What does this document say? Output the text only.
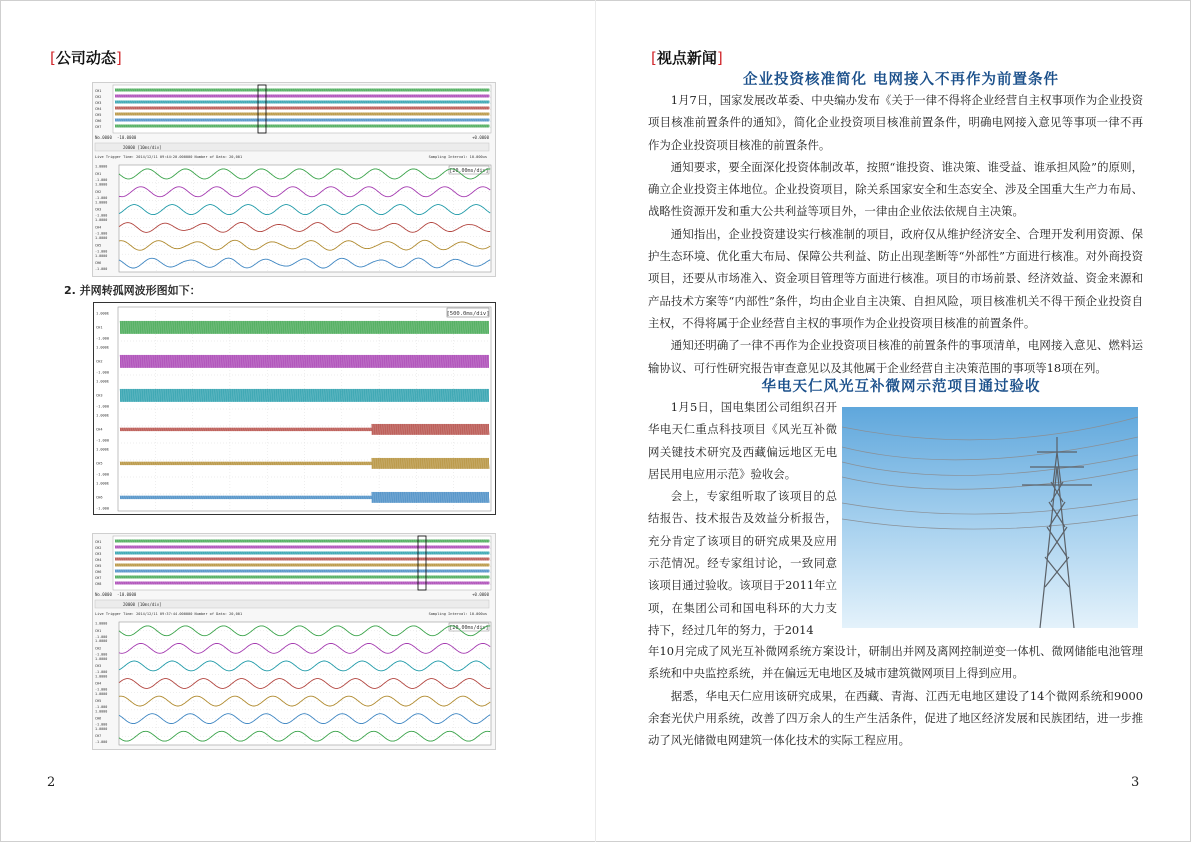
[公司动态]
CH1
CH2
CH3
CH4
CH5
CH6
CH7
No.0000 -10.0000	+0.0000
20000 [10ms/div]
Live Trigger Time: 2014/12/11 09:44:20.000000 Number of Data: 20,001	Sampling Interval: 10.000us
[20.00ms/div]
1.0000
CH1
-1.000
1.0000
CH2
-1.000
1.0000
CH3
-1.000
1.0000
CH4
-1.000
1.0000
CH5
-1.000
1.0000
CH6
-1.000
2. 并网转孤网波形图如下：
[500.0ms/div]
1.000E
CH1
-1.000
1.000E
CH2
-1.000
1.000E
CH3
-1.000
1.000E
CH4
-1.000
1.000E
CH5
-1.000
1.000E
CH6
-1.000
CH1
CH2
CH3
CH4
CH5
CH6
CH7
CH8
No.0000 -10.0000	+0.0000
20000 [10ms/div]
Live Trigger Time: 2014/12/11 09:37:44.000000 Number of Data: 20,001	Sampling Interval: 10.000us
[20.00ms/div]
1.0000
CH1
-1.000
1.0000
CH2
-1.000
1.0000
CH3
-1.000
1.0000
CH4
-1.000
1.0000
CH5
-1.000
1.0000
CH6
-1.000
1.0000
CH7
-1.000
2
[视点新闻]
企业投资核准简化 电网接入不再作为前置条件

1月7日，国家发展改革委、中央编办发布《关于一律不得将企业经营自主权事项作为企业投资项目核准前置条件的通知》，简化企业投资项目核准前置条件，明确电网接入意见等事项一律不再作为企业投资项目核准的前置条件。

通知要求，要全面深化投资体制改革，按照“谁投资、谁决策、谁受益、谁承担风险”的原则，确立企业投资主体地位。企业投资项目，除关系国家安全和生态安全、涉及全国重大生产力布局、战略性资源开发和重大公共利益等项目外，一律由企业依法依规自主决策。

通知指出，企业投资建设实行核准制的项目，政府仅从维护经济安全、合理开发利用资源、保护生态环境、优化重大布局、保障公共利益、防止出现垄断等“外部性”方面进行核准。对外商投资项目，还要从市场准入、资金项目管理等方面进行核准。项目的市场前景、经济效益、资金来源和产品技术方案等“内部性”条件，均由企业自主决策、自担风险，项目核准机关不得干预企业投资自主权，不得将属于企业经营自主权的事项作为企业投资项目核准的前置条件。

通知还明确了一律不再作为企业投资项目核准的前置条件的事项清单，电网接入意见、燃料运输协议、可行性研究报告审查意见以及其他属于企业经营自主决策范围的事项等18项在列。

华电天仁风光互补微网示范项目通过验收

1月5日，国电集团公司组织召开华电天仁重点科技项目《风光互补微网关键技术研究及西藏偏远地区无电居民用电应用示范》验收会。

会上，专家组听取了该项目的总结报告、技术报告及效益分析报告，充分肯定了该项目的研究成果及应用示范情况。经专家组讨论，一致同意该项目通过验收。该项目于2011年立项，在集团公司和国电科环的大力支持下，经过几年的努力，于2014

年10月完成了风光互补微网系统方案设计，研制出并网及离网控制逆变一体机、微网储能电池管理系统和中央监控系统，并在偏远无电地区及城市建筑微网项目上得到应用。

据悉，华电天仁应用该研究成果，在西藏、青海、江西无电地区建设了14个微网系统和9000余套光伏户用系统，改善了四万余人的生产生活条件，促进了地区经济发展和民族团结，进一步推动了风光储微电网建筑一体化技术的实际工程应用。

3
